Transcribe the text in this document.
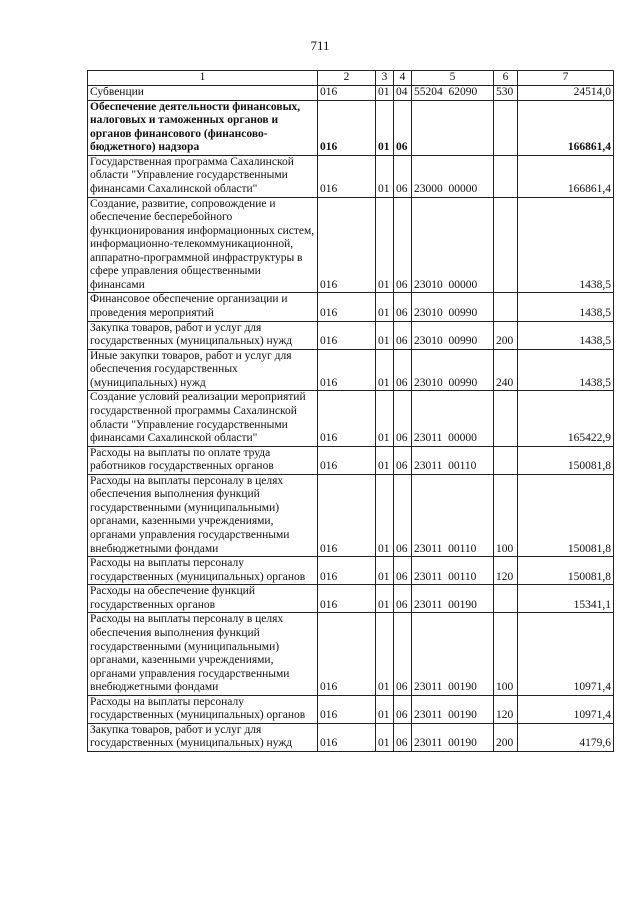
711
1	2	3	4	5	6	7
Субвенции	016	01	04	55204  62090	530	24514,0
Обеспечение деятельности финансовых, налоговых и таможенных органов и органов финансового (финансово-бюджетного) надзора	016	01	06			166861,4
Государственная программа Сахалинской области "Управление государственными финансами Сахалинской области"	016	01	06	23000  00000		166861,4
Создание, развитие, сопровождение и обеспечение бесперебойного функционирования информационных систем, информационно-телекоммуникационной, аппаратно-программной инфраструктуры в сфере управления общественными финансами	016	01	06	23010  00000		1438,5
Финансовое обеспечение организации и проведения мероприятий	016	01	06	23010  00990		1438,5
Закупка товаров, работ и услуг для государственных (муниципальных) нужд	016	01	06	23010  00990	200	1438,5
Иные закупки товаров, работ и услуг для обеспечения государственных (муниципальных) нужд	016	01	06	23010  00990	240	1438,5
Создание условий реализации мероприятий государственной программы Сахалинской области "Управление государственными финансами Сахалинской области"	016	01	06	23011  00000		165422,9
Расходы на выплаты по оплате труда работников государственных органов	016	01	06	23011  00110		150081,8
Расходы на выплаты персоналу в целях обеспечения выполнения функций государственными (муниципальными) органами, казенными учреждениями, органами управления государственными внебюджетными фондами	016	01	06	23011  00110	100	150081,8
Расходы на выплаты персоналу государственных (муниципальных) органов	016	01	06	23011  00110	120	150081,8
Расходы на обеспечение функций государственных органов	016	01	06	23011  00190		15341,1
Расходы на выплаты персоналу в целях обеспечения выполнения функций государственными (муниципальными) органами, казенными учреждениями, органами управления государственными внебюджетными фондами	016	01	06	23011  00190	100	10971,4
Расходы на выплаты персоналу государственных (муниципальных) органов	016	01	06	23011  00190	120	10971,4
Закупка товаров, работ и услуг для государственных (муниципальных) нужд	016	01	06	23011  00190	200	4179,6
